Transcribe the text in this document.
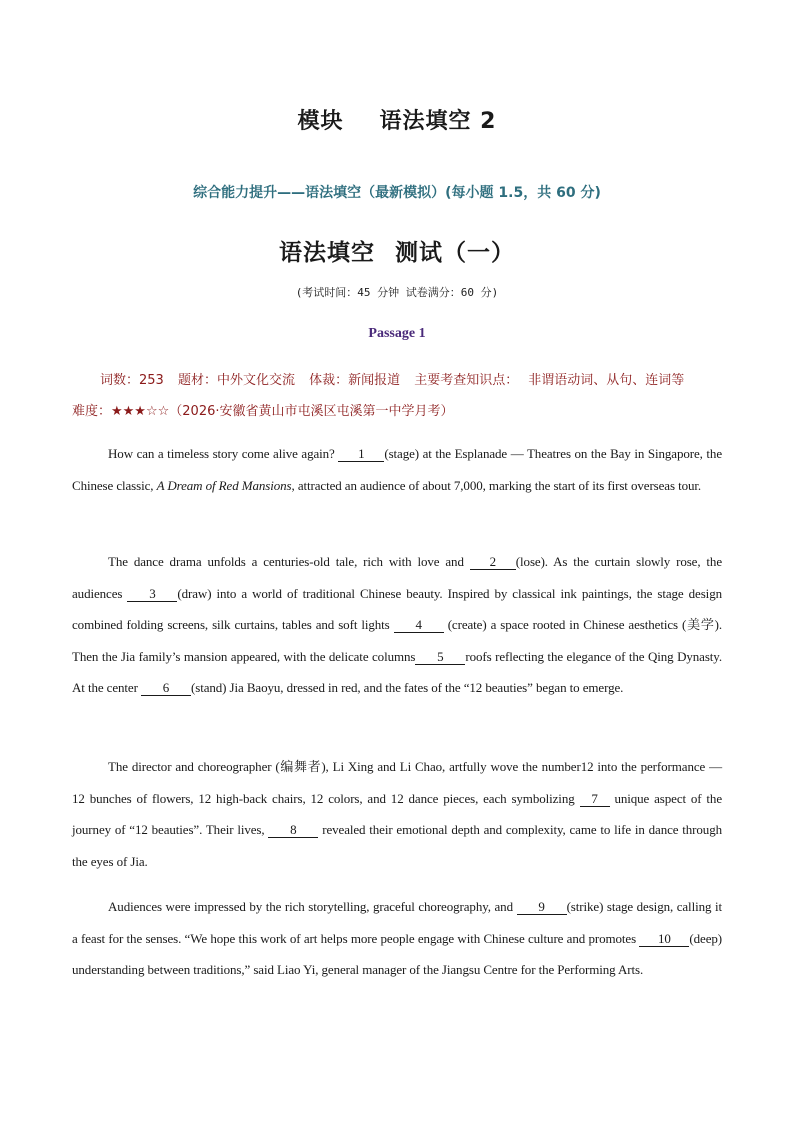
模块 语法填空 2
综合能力提升——语法填空（最新模拟）(每小题 1.5，共 60 分)
语法填空 测试（一）
(考试时间：45 分钟 试卷满分：60 分)
Passage 1
词数：253 题材：中外文化交流 体裁：新闻报道 主要考查知识点： 非谓语动词、从句、连词等
难度：★★★☆☆（2026·安徽省黄山市屯溪区屯溪第一中学月考）
How can a timeless story come alive again? 1 (stage) at the Esplanade — Theatres on the Bay in Singapore, the Chinese classic, A Dream of Red Mansions, attracted an audience of about 7,000, marking the start of its first overseas tour.
The dance drama unfolds a centuries-old tale, rich with love and 2 (lose). As the curtain slowly rose, the audiences 3 (draw) into a world of traditional Chinese beauty. Inspired by classical ink paintings, the stage design combined folding screens, silk curtains, tables and soft lights 4 (create) a space rooted in Chinese aesthetics (美学). Then the Jia family’s mansion appeared, with the delicate columns 5 roofs reflecting the elegance of the Qing Dynasty. At the center 6 (stand) Jia Baoyu, dressed in red, and the fates of the “12 beauties” began to emerge.
The director and choreographer (编舞者), Li Xing and Li Chao, artfully wove the number12 into the performance — 12 bunches of flowers, 12 high-back chairs, 12 colors, and 12 dance pieces, each symbolizing 7 unique aspect of the journey of “12 beauties”. Their lives, 8 revealed their emotional depth and complexity, came to life in dance through the eyes of Jia.
Audiences were impressed by the rich storytelling, graceful choreography, and 9 (strike) stage design, calling it a feast for the senses. “We hope this work of art helps more people engage with Chinese culture and promotes 10 (deep) understanding between traditions,” said Liao Yi, general manager of the Jiangsu Centre for the Performing Arts.
